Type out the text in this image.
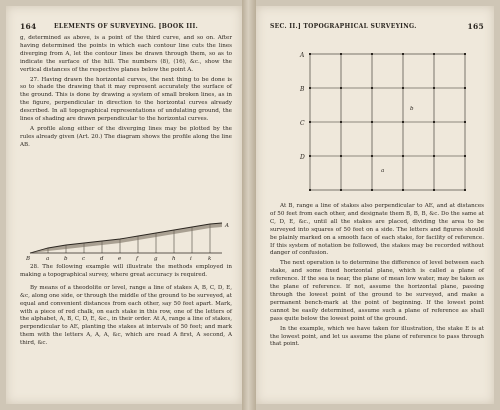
164	ELEMENTS OF SURVEYING. [BOOK III.

g, determined as above, is a point of the third curve, and so on. After having determined the points in which each contour line cuts the lines diverging from A, let the contour lines be drawn through them, so as to indicate the surface of the hill. The numbers (8), (16), &c., show the vertical distances of the respective planes below the point A.

27. Having drawn the horizontal curves, the next thing to be done is so to shade the drawing that it may represent accurately the surface of the ground. This is done by drawing a system of small broken lines, as in the figure, perpendicular in direction to the horizontal curves already described. In all topographical representations of undulating ground, the lines of shading are drawn perpendicular to the horizontal curves.

A profile along either of the diverging lines may be plotted by the rules already given (Art. 20.) The diagram shows the profile along the line AB.

B	a	b	c	d	e	f	g	h	i	k
A

28. The following example will illustrate the methods employed in making a topographical survey, where great accuracy is required.

By means of a theodolite or level, range a line of stakes A, B, C, D, E, &c, along one side, or through the middle of the ground to be surveyed, at equal and convenient distances from each other, say 50 feet apart. Mark, with a piece of red chalk, on each stake in this row, one of the letters of the alphabet, A, B, C, D, E, &c., in their order. At A, range a line of stakes, perpendicular to AE, planting the stakes at intervals of 50 feet; and mark them with the letters A, A, A, &c, which are read A first, A second, A third, &c.

SEC. II.] TOPOGRAPHICAL SURVEYING.	165
A
B
C
D
b
a

At B, range a line of stakes also perpendicular to AE, and at distances of 50 feet from each other, and designate them B, B, B, &c. Do the same at C, D, E, &c., until all the stakes are placed, dividing the area to be surveyed into squares of 50 feet on a side. The letters and figures should be plainly marked on a smooth face of each stake, for facility of reference. If this system of notation be followed, the stakes may be recorded without danger of confusion.

The next operation is to determine the difference of level between each stake, and some fixed horizontal plane, which is called a plane of reference. If the sea is near, the plane of mean low water, may be taken as the plane of reference. If not, assume the horizontal plane, passing through the lowest point of the ground to be surveyed, and make a permanent bench-mark at the point of beginning. If the lowest point cannot be easily determined, assume such a plane of reference as shall pass quite below the lowest point of the ground.

In the example, which we have taken for illustration, the stake E is at the lowest point, and let us assume the plane of reference to pass through that point.
